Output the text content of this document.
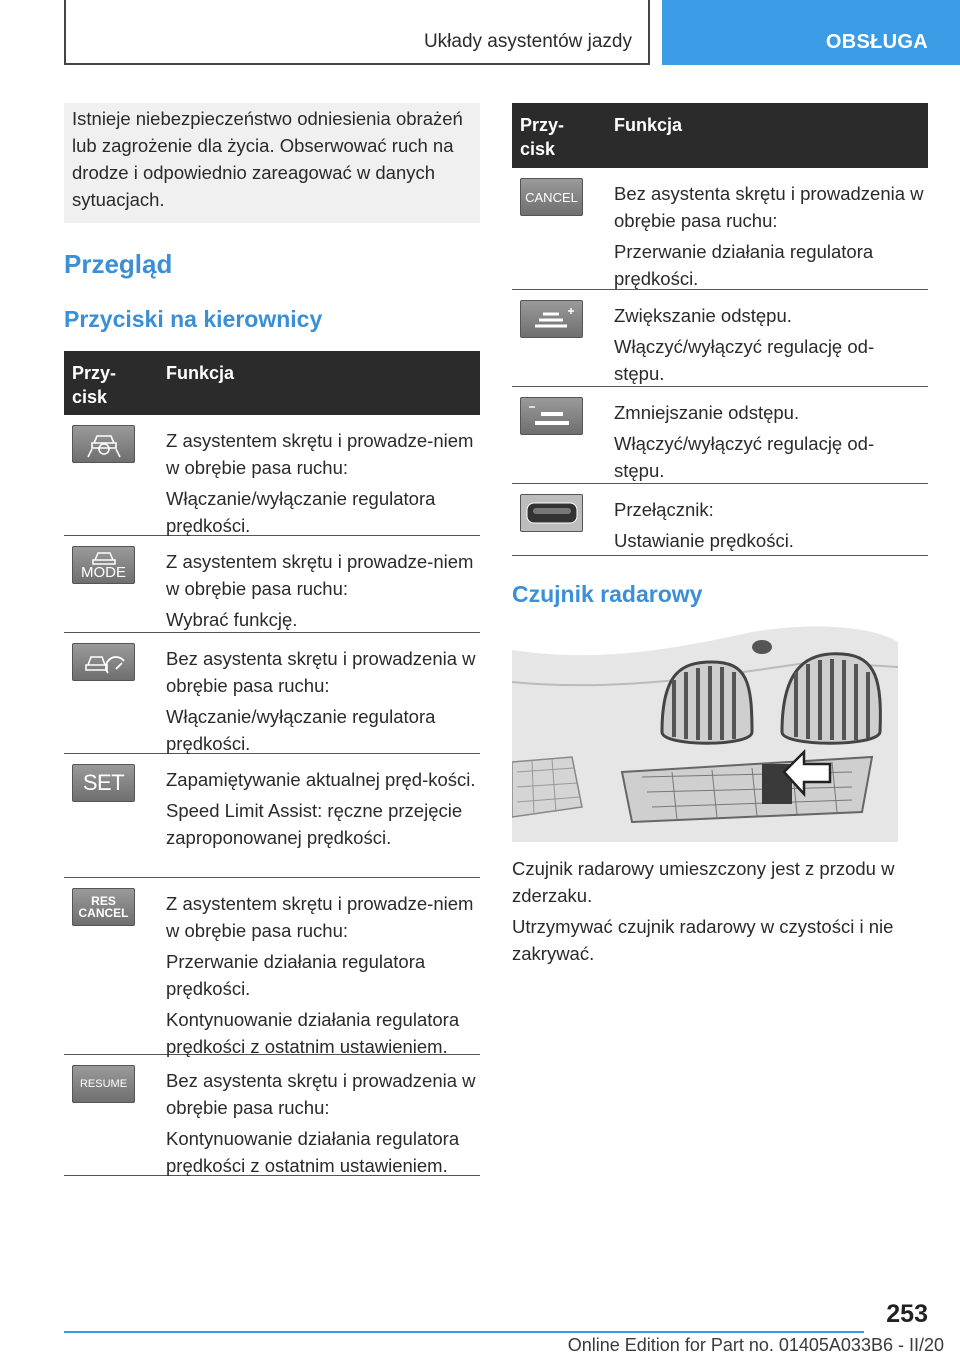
Układy asystentów jazdy	OBSŁUGA
Istnieje niebezpieczeństwo odniesienia obrażeń lub zagrożenie dla życia. Obserwować ruch na drodze i odpowiednio zareagować w danych sytuacjach.
Przegląd
Przyciski na kierownicy
Przy-
cisk
Funkcja

Z asystentem skrętu i prowadze-niem w obrębie pasa ruchu:

Włączanie/wyłączanie regulatora prędkości.

MODE Z asystentem skrętu i prowadze-niem w obrębie pasa ruchu:

Wybrać funkcję.

Bez asystenta skrętu i prowadzenia w obrębie pasa ruchu:

Włączanie/wyłączanie regulatora prędkości.

SET Zapamiętywanie aktualnej pręd-kości.

Speed Limit Assist: ręczne przejęcie zaproponowanej prędkości.

RES
CANCEL Z asystentem skrętu i prowadze-niem w obrębie pasa ruchu:

Przerwanie działania regulatora prędkości.

Kontynuowanie działania regulatora prędkości z ostatnim ustawieniem.

RESUME Bez asystenta skrętu i prowadzenia w obrębie pasa ruchu:

Kontynuowanie działania regulatora prędkości z ostatnim ustawieniem.

Przy-
cisk
Funkcja
CANCEL Bez asystenta skrętu i prowadzenia w obrębie pasa ruchu:

Przerwanie działania regulatora prędkości.

Zwiększanie odstępu.

Włączyć/wyłączyć regulację od-stępu.

Zmniejszanie odstępu.

Włączyć/wyłączyć regulację od-stępu.

Przełącznik:

Ustawianie prędkości.

Czujnik radarowy
Czujnik radarowy umieszczony jest z przodu w zderzaku.
Utrzymywać czujnik radarowy w czystości i nie zakrywać.
253
Online Edition for Part no. 01405A033B6 - II/20
